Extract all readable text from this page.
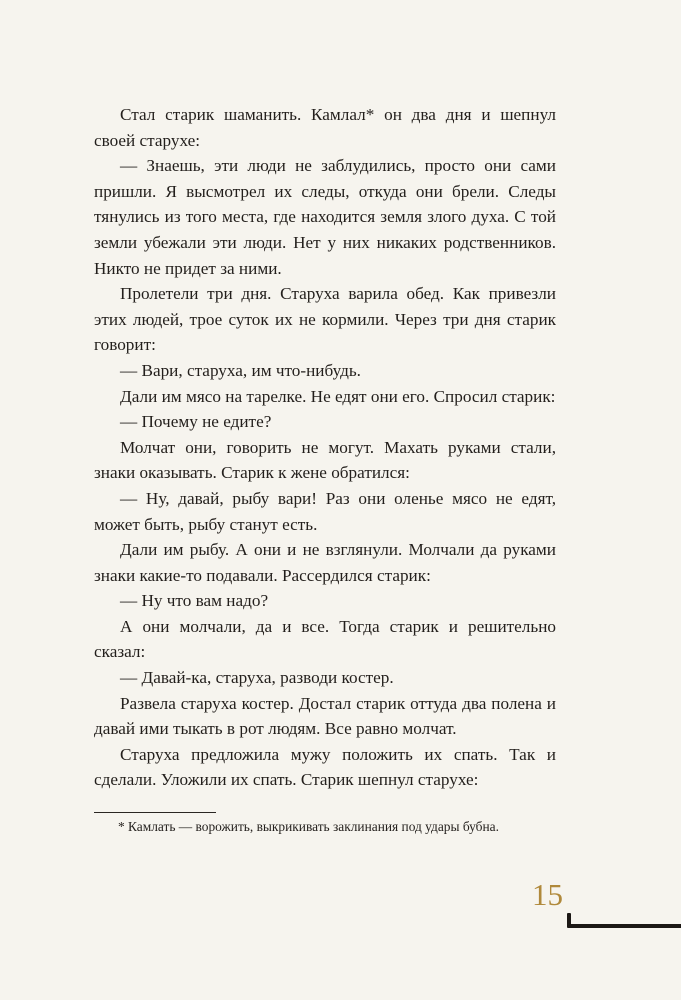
Стал старик шаманить. Камлал* он два дня и шепнул своей старухе:

— Знаешь, эти люди не заблудились, просто они сами пришли. Я высмотрел их следы, откуда они брели. Следы тянулись из того места, где находится земля злого духа. С той земли убежали эти люди. Нет у них никаких родственников. Никто не придет за ними.

Пролетели три дня. Старуха варила обед. Как привезли этих людей, трое суток их не кормили. Через три дня старик говорит:

— Вари, старуха, им что-нибудь.

Дали им мясо на тарелке. Не едят они его. Спросил старик:

— Почему не едите?

Молчат они, говорить не могут. Махать руками стали, знаки оказывать. Старик к жене обратился:

— Ну, давай, рыбу вари! Раз они оленье мясо не едят, может быть, рыбу станут есть.

Дали им рыбу. А они и не взглянули. Молчали да руками знаки какие-то подавали. Рассердился старик:

— Ну что вам надо?

А они молчали, да и все. Тогда старик и решительно сказал:

— Давай-ка, старуха, разводи костер.

Развела старуха костер. Достал старик оттуда два полена и давай ими тыкать в рот людям. Все равно молчат.

Старуха предложила мужу положить их спать. Так и сделали. Уложили их спать. Старик шепнул старухе:

* Камлать — ворожить, выкрикивать заклинания под удары бубна.

15
